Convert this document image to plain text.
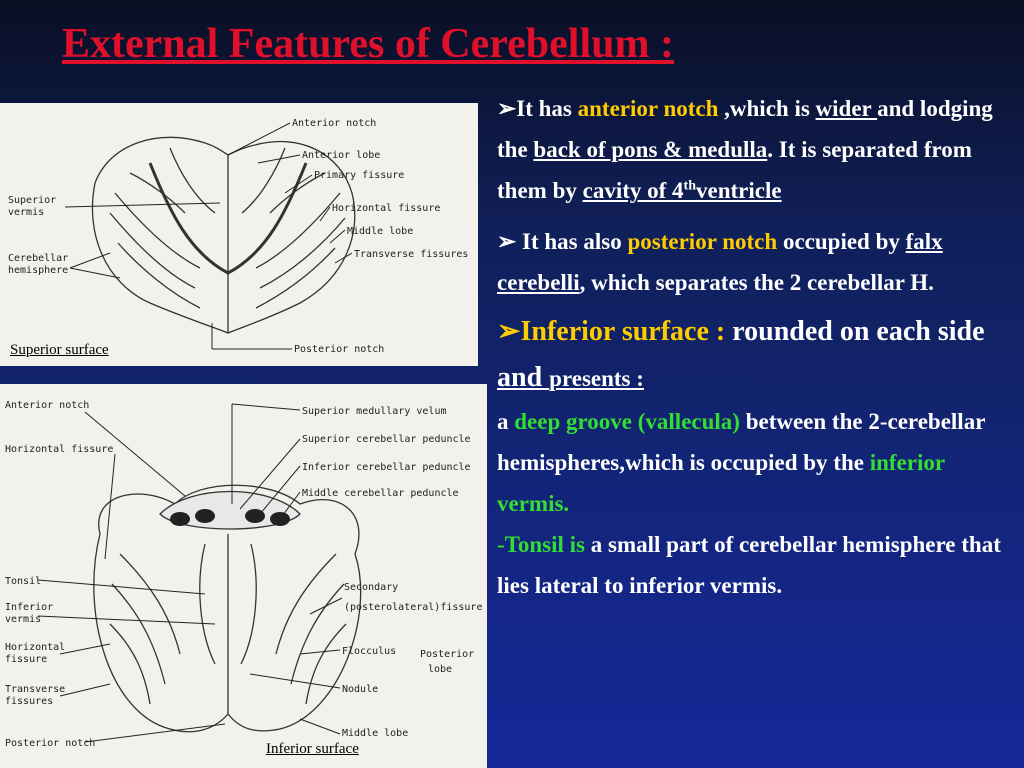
External Features of Cerebellum :
Anterior notch
Anterior lobe
Primary fissure
Horizontal fissure
Middle lobe
Transverse fissures
Posterior notch
Superior
vermis
Cerebellar
hemisphere
Superior surface
Anterior notch
Horizontal fissure
Superior medullary velum
Superior cerebellar peduncle
Inferior cerebellar peduncle
Middle cerebellar peduncle
Tonsil
Inferior
vermis
Horizontal
fissure
Transverse
fissures
Posterior notch
Secondary
(posterolateral)fissure
Flocculus Posterior
lobe
Nodule
Middle lobe
Inferior surface

➢It has anterior notch ,which is wider and lodging the back of pons & medulla. It is separated from them by cavity of 4thventricle

➢ It has also posterior notch occupied by falx cerebelli, which separates the 2 cerebellar H.

➢Inferior surface : rounded on each side and presents :

a deep groove (vallecula) between the 2-cerebellar hemispheres,which is occupied by the inferior vermis.

-Tonsil is a small part of cerebellar hemisphere that lies lateral to inferior vermis.
